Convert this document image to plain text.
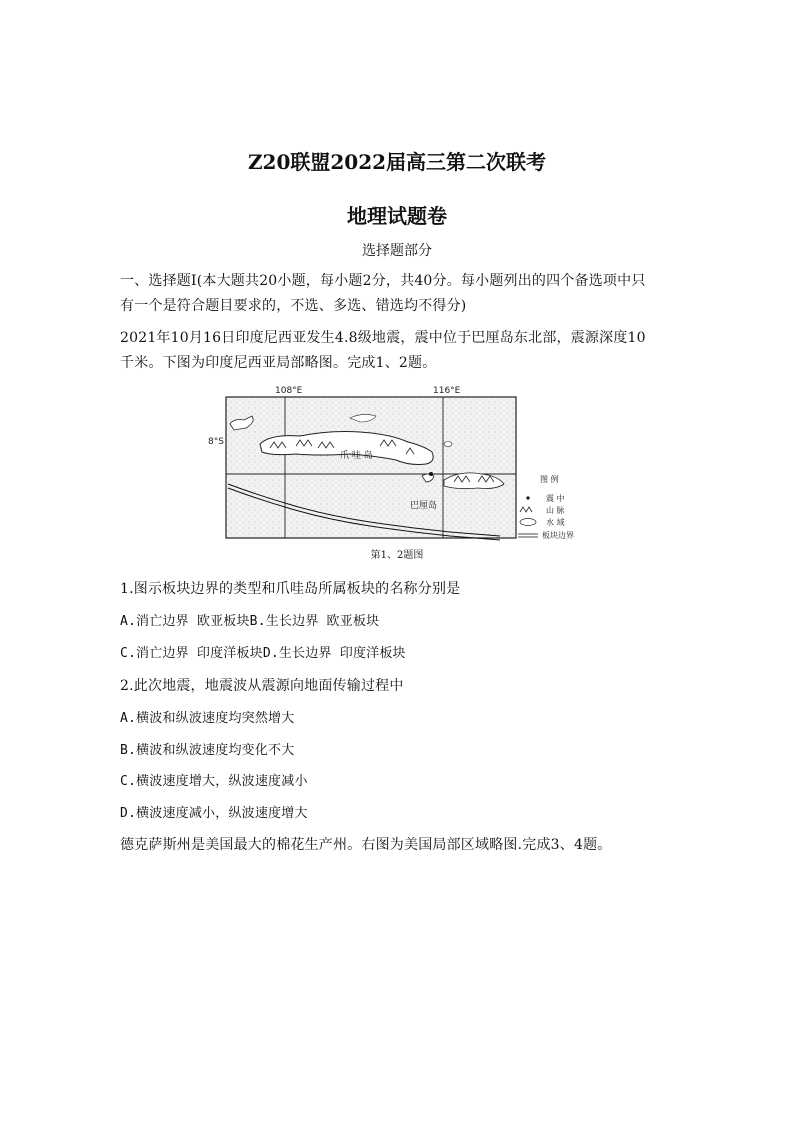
Z20联盟2022届高三第二次联考
地理试题卷
选择题部分
一、选择题Ⅰ(本大题共20小题，每小题2分，共40分。每小题列出的四个备选项中只
有一个是符合题目要求的，不选、多选、错选均不得分)
2021年10月16日印度尼西亚发生4.8级地震，震中位于巴厘岛东北部，震源深度10
千米。下图为印度尼西亚局部略图。完成1、2题。
108°E	116°E
8°S
爪 哇 岛
巴厘岛
图 例
震 中
山 脉
水 域
板块边界
第1、2题图
1.图示板块边界的类型和爪哇岛所属板块的名称分别是
A.消亡边界 欧亚板块B.生长边界 欧亚板块
C.消亡边界 印度洋板块D.生长边界 印度洋板块
2.此次地震，地震波从震源向地面传输过程中
A.横波和纵波速度均突然增大
B.横波和纵波速度均变化不大
C.横波速度增大，纵波速度减小
D.横波速度减小，纵波速度增大
德克萨斯州是美国最大的棉花生产州。右图为美国局部区域略图.完成3、4题。
